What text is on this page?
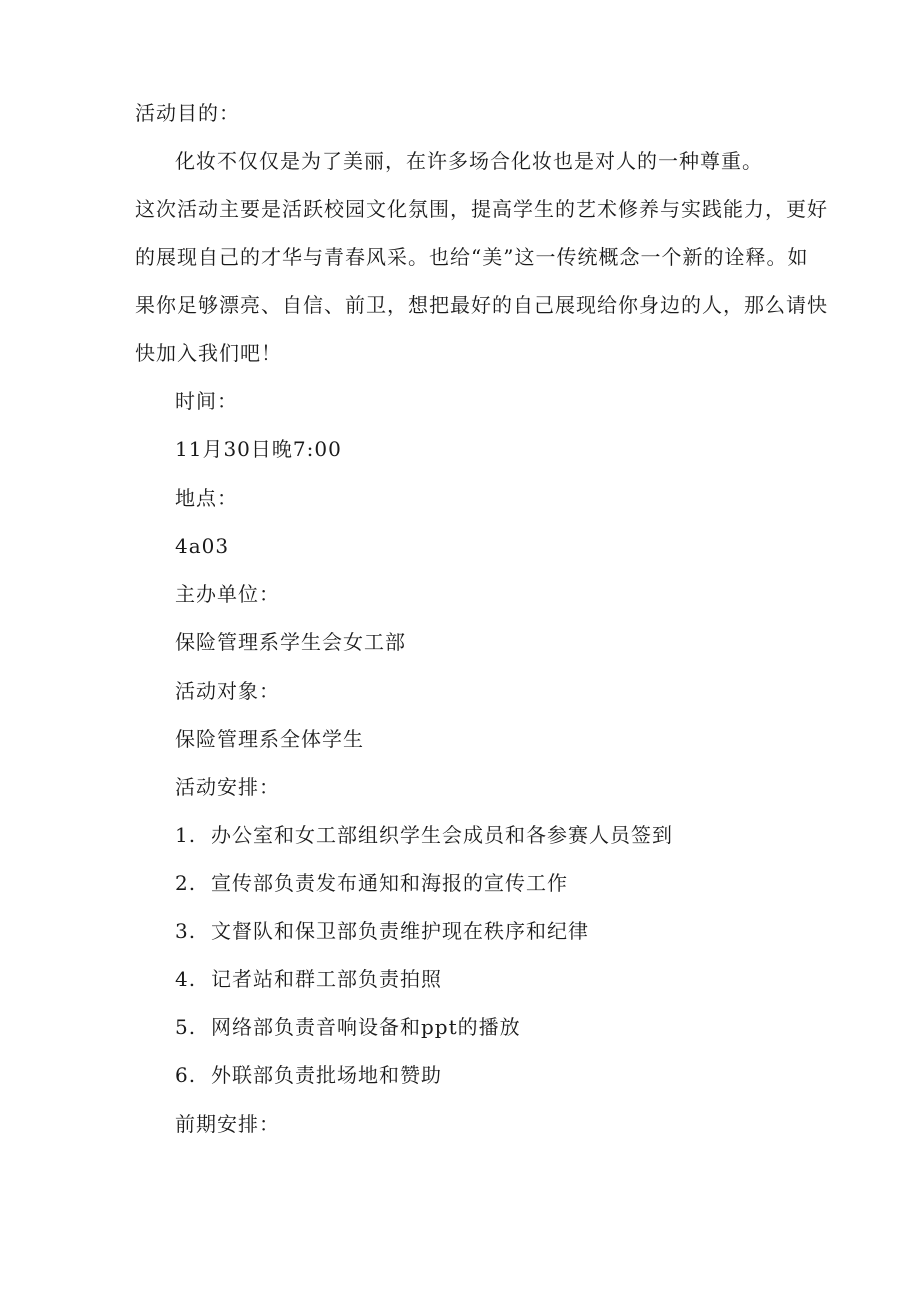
活动目的：
化妆不仅仅是为了美丽，在许多场合化妆也是对人的一种尊重。
这次活动主要是活跃校园文化氛围，提高学生的艺术修养与实践能力，更好
的展现自己的才华与青春风采。也给“美”这一传统概念一个新的诠释。如
果你足够漂亮、自信、前卫，想把最好的自己展现给你身边的人，那么请快
快加入我们吧！
时间：
11月30日晚7:00
地点：
4a03
主办单位：
保险管理系学生会女工部
活动对象：
保险管理系全体学生
活动安排：
1. 办公室和女工部组织学生会成员和各参赛人员签到
2. 宣传部负责发布通知和海报的宣传工作
3. 文督队和保卫部负责维护现在秩序和纪律
4. 记者站和群工部负责拍照
5. 网络部负责音响设备和ppt的播放
6. 外联部负责批场地和赞助
前期安排：
